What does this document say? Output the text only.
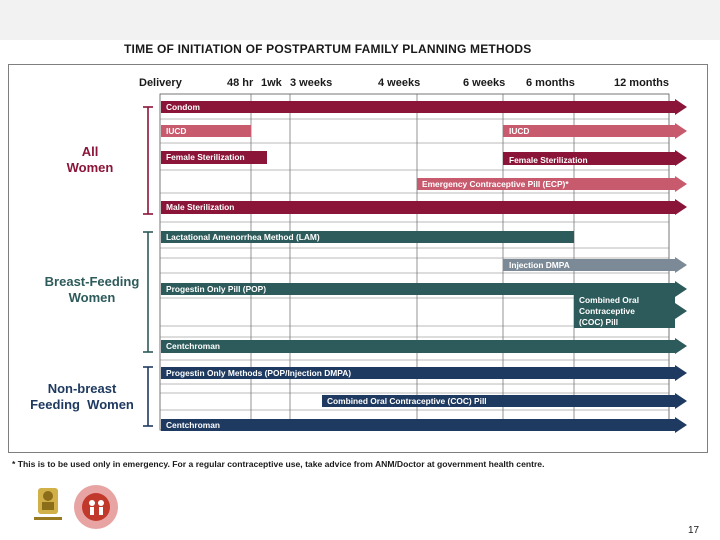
TIME OF INITIATION OF POSTPARTUM FAMILY PLANNING METHODS
Delivery	48 hr 1wk 3 weeks	4 weeks	6 weeks 6 months	12 months
All
Women
Breast-Feeding
Women
Non-breast
Feeding  Women
Condom
IUCD	IUCD
Female Sterilization	Female Sterilization
Emergency Contraceptive Pill (ECP)*
Male Sterilization
Lactational Amenorrhea Method (LAM)
Injection DMPA
Progestin Only Pill (POP)
Combined Oral
Contraceptive
(COC) Pill
Centchroman
Progestin Only Methods (POP/Injection DMPA)
Combined Oral Contraceptive (COC) Pill
Centchroman
* This is to be used only in emergency. For a regular contraceptive use, take advice from ANM/Doctor at government health centre.
17
